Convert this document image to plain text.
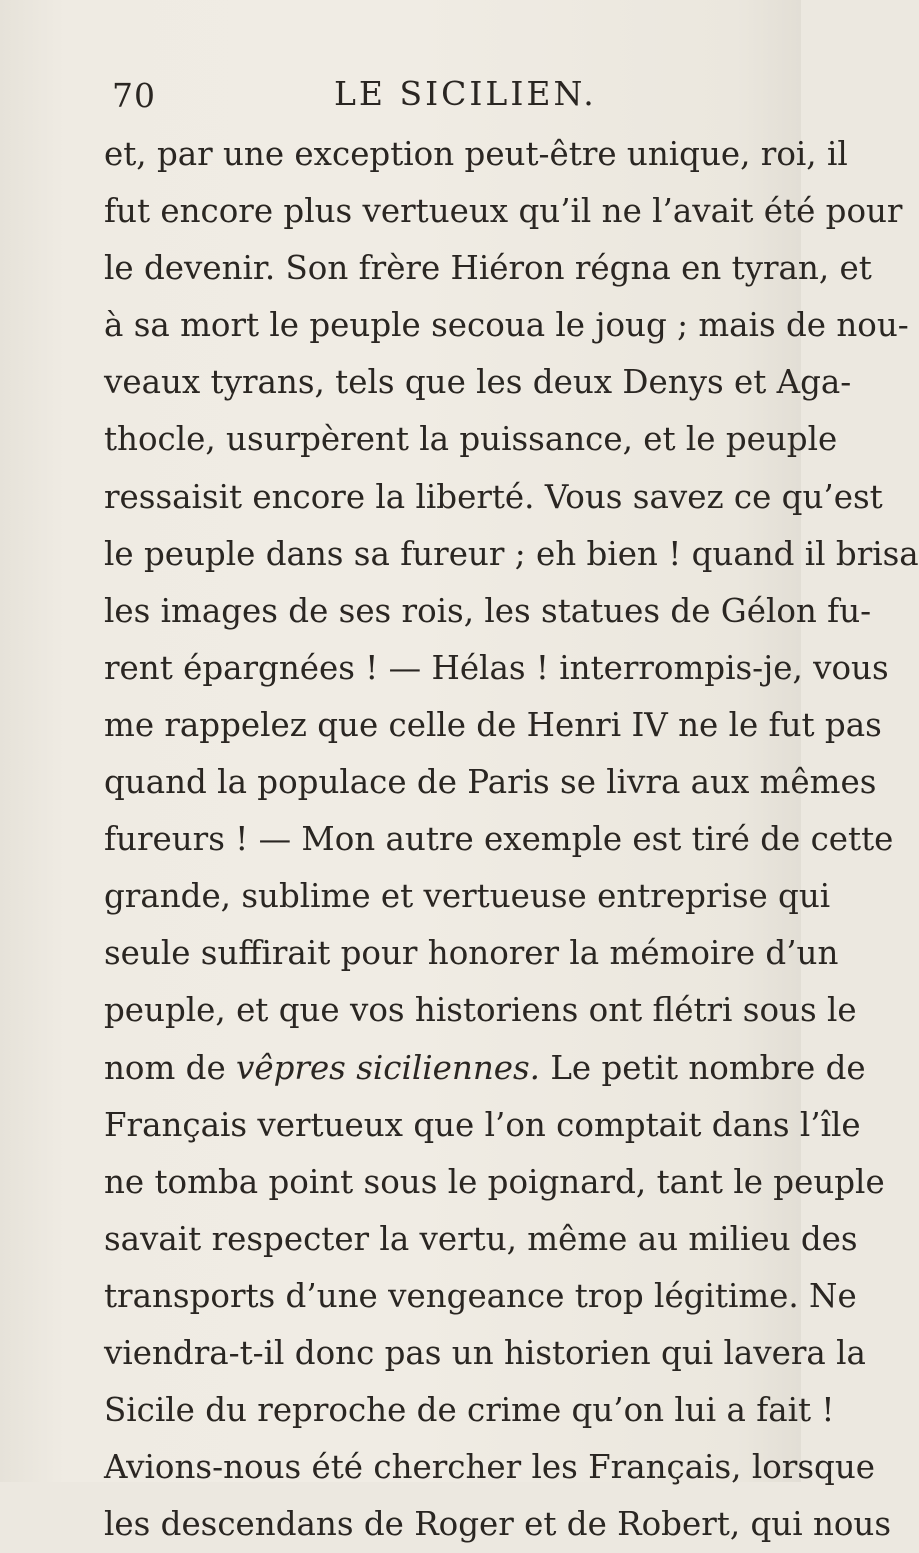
70	LE SICILIEN.
et, par une exception peut-être unique, roi, il
fut encore plus vertueux qu’il ne l’avait été pour
le devenir. Son frère Hiéron régna en tyran, et
à sa mort le peuple secoua le joug ; mais de nou-
veaux tyrans, tels que les deux Denys et Aga-
thocle, usurpèrent la puissance, et le peuple
ressaisit encore la liberté. Vous savez ce qu’est
le peuple dans sa fureur ; eh bien ! quand il brisa
les images de ses rois, les statues de Gélon fu-
rent épargnées ! — Hélas ! interrompis-je, vous
me rappelez que celle de Henri IV ne le fut pas
quand la populace de Paris se livra aux mêmes
fureurs ! — Mon autre exemple est tiré de cette
grande, sublime et vertueuse entreprise qui
seule suffirait pour honorer la mémoire d’un
peuple, et que vos historiens ont flétri sous le
nom de vêpres siciliennes. Le petit nombre de
Français vertueux que l’on comptait dans l’île
ne tomba point sous le poignard, tant le peuple
savait respecter la vertu, même au milieu des
transports d’une vengeance trop légitime. Ne
viendra-t-il donc pas un historien qui lavera la
Sicile du reproche de crime qu’on lui a fait !
Avions-nous été chercher les Français, lorsque
les descendans de Roger et de Robert, qui nous
